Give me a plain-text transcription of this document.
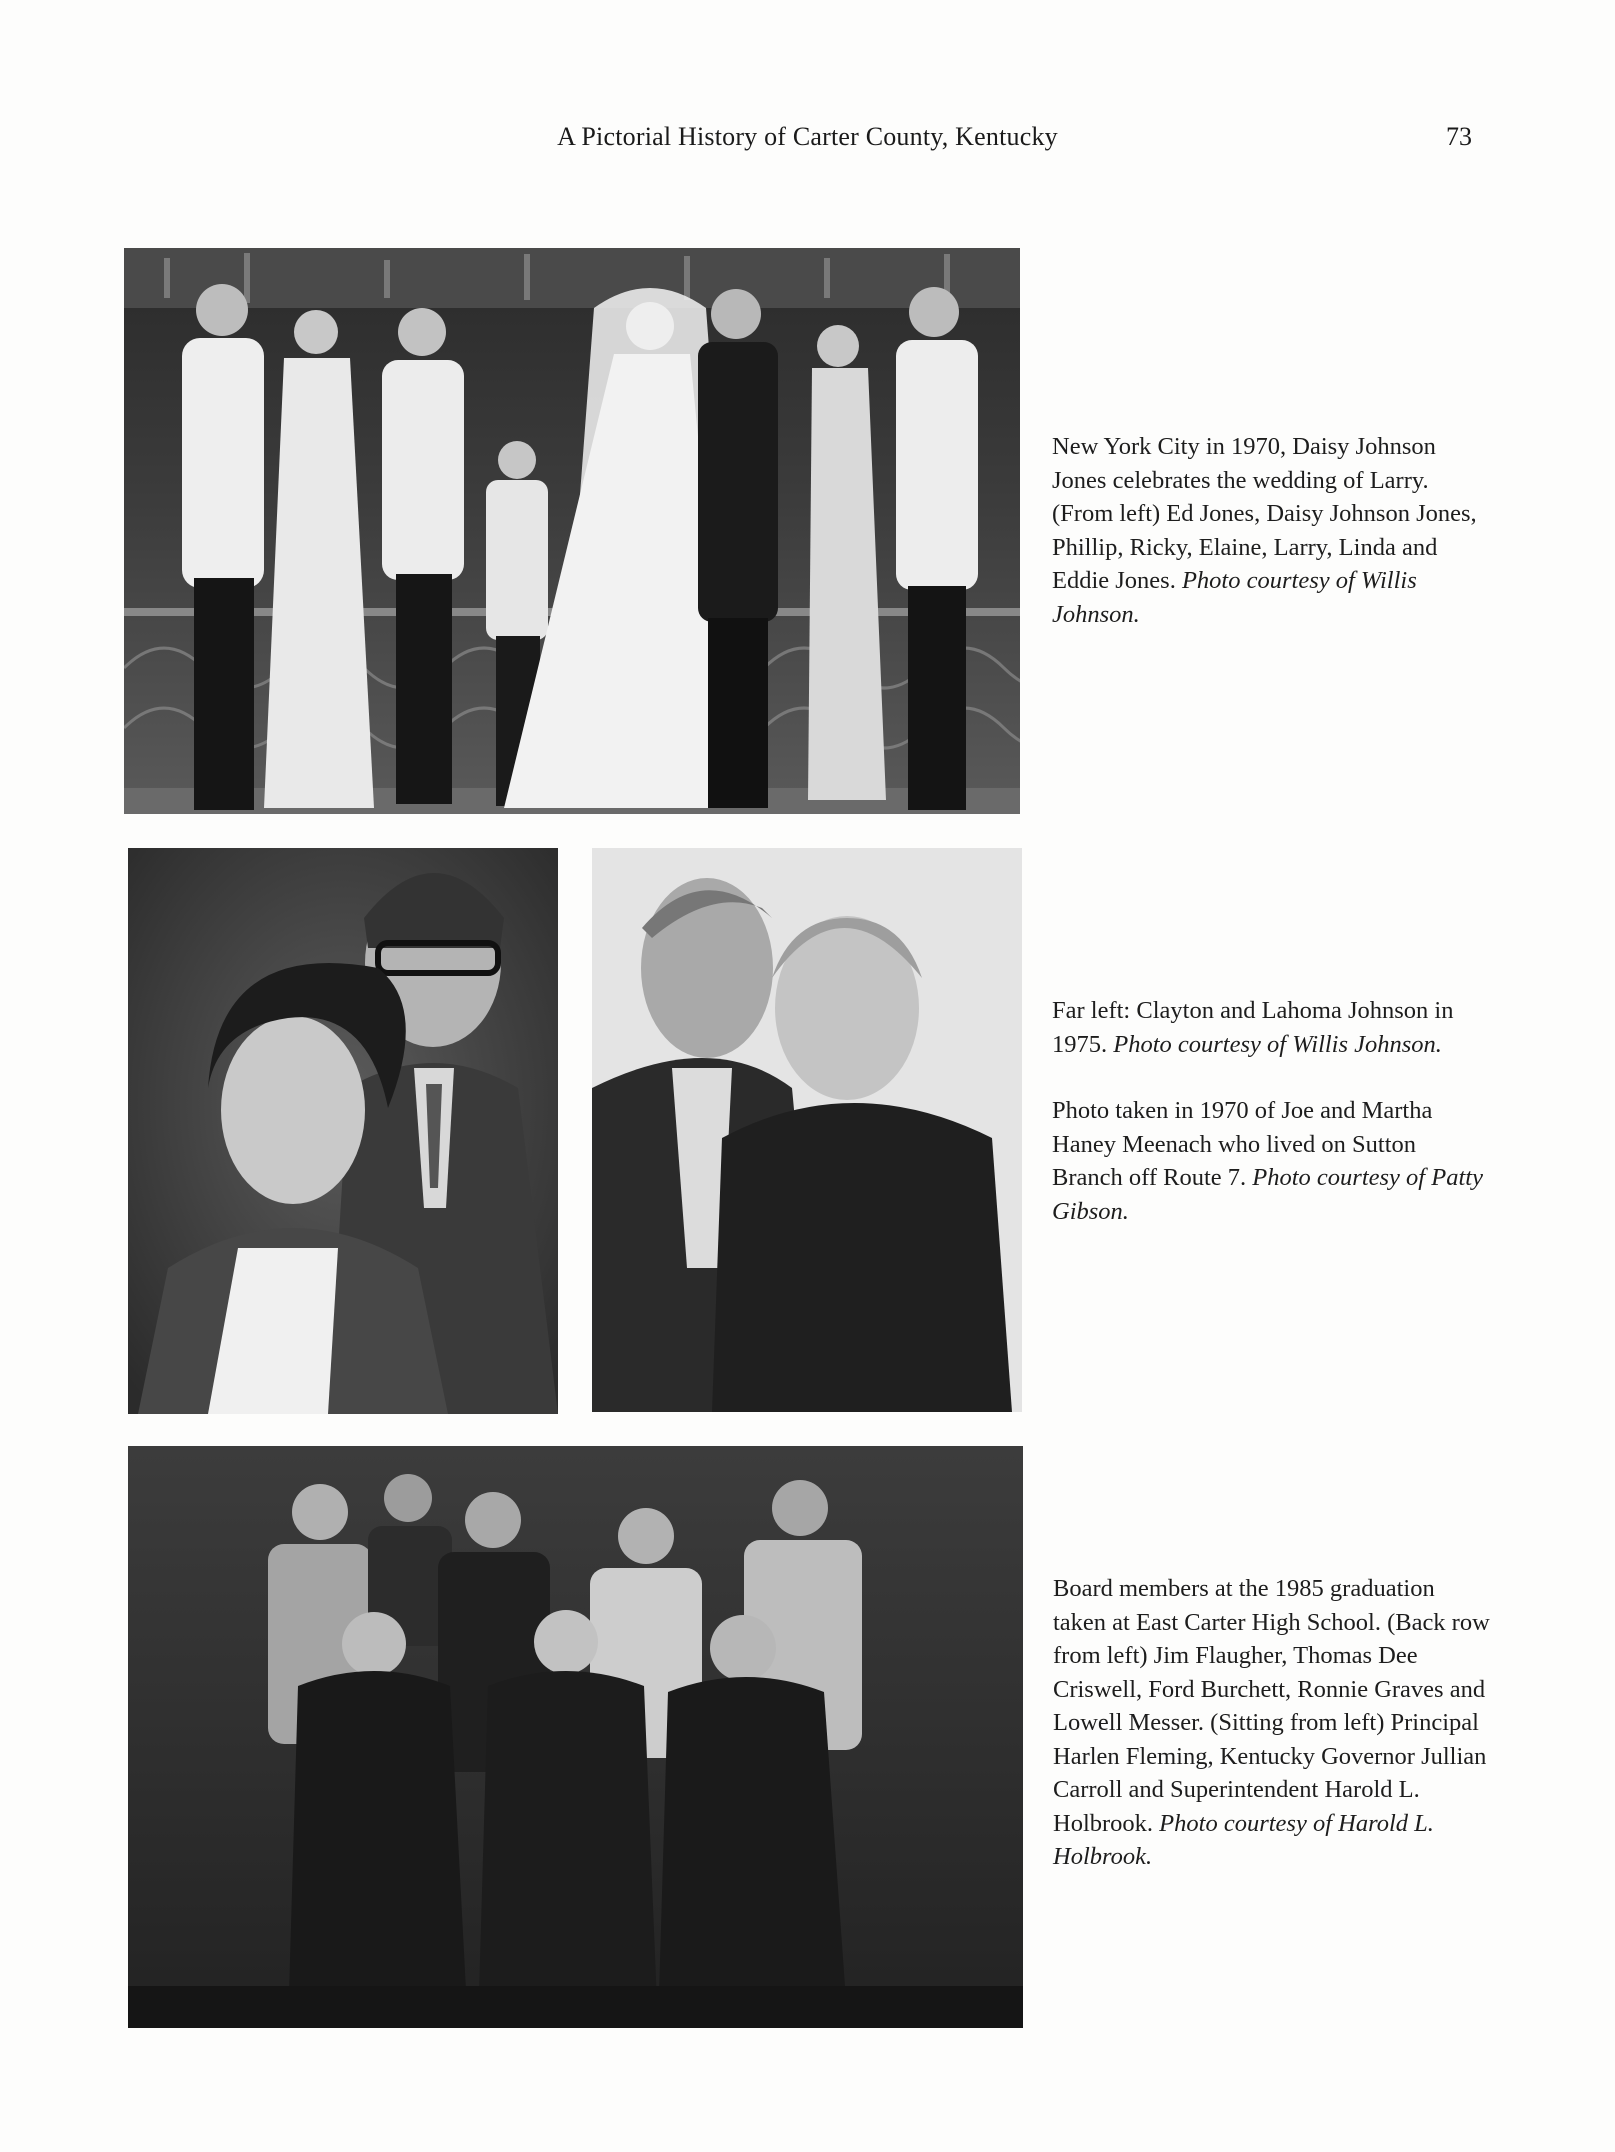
A Pictorial History of Carter County, Kentucky	73

New York City in 1970, Daisy Johnson Jones celebrates the wedding of Larry. (From left) Ed Jones, Daisy Johnson Jones, Phillip, Ricky, Elaine, Larry, Linda and Eddie Jones. Photo courtesy of Willis Johnson.

Far left: Clayton and Lahoma Johnson in 1975. Photo courtesy of Willis Johnson.

Photo taken in 1970 of Joe and Martha Haney Meenach who lived on Sutton Branch off Route 7. Photo courtesy of Patty Gibson.

Board members at the 1985 graduation taken at East Carter High School. (Back row from left) Jim Flaugher, Thomas Dee Criswell, Ford Burchett, Ronnie Graves and Lowell Messer. (Sitting from left) Principal Harlen Fleming, Kentucky Governor Jullian Carroll and Superintendent Harold L. Holbrook. Photo courtesy of Harold L. Holbrook.
